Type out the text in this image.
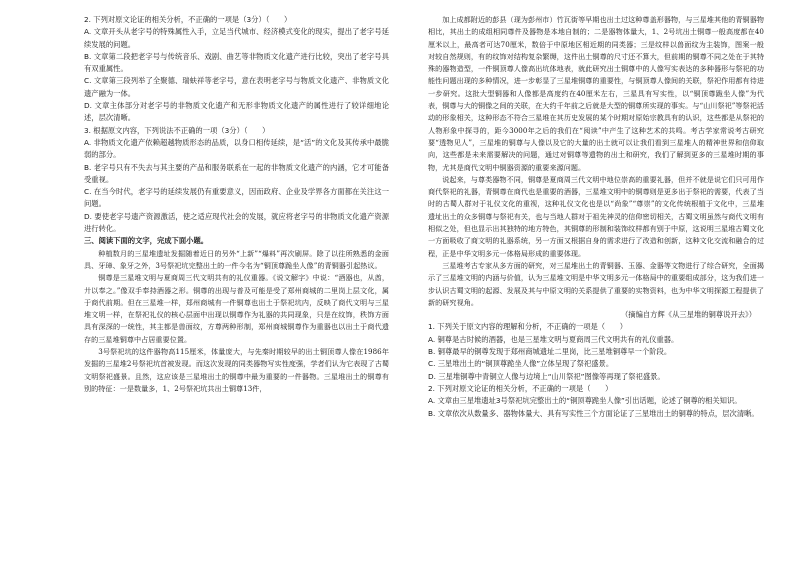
2. 下列对原文论证的相关分析，不正确的一项是（3分）（　　）

A. 文章开头从老字号的特殊属性入手，立足当代城市、经济模式变化的现实，提出了老字号延续发展的问题。

B. 文章第二段把老字号与传统音乐、戏剧、曲艺等非物质文化遗产进行比较，突出了老字号具有双重属性。

C. 文章第三段列举了全聚德、瑞蚨祥等老字号，意在表明老字号与物质文化遗产、非物质文化遗产融为一体。

D. 文章主体部分对老字号的非物质文化遗产和无形非物质文化遗产的属性进行了较详细地论述，层次清晰。

3. 根据原文内容，下列说法不正确的一项（3分）（　　）

A. 非物质文化遗产依赖超越物质形态的品质，以身口相传延续，是“活”的文化及其传承中最脆弱的部分。

B. 老字号只有不失去与其主要的产品和服务联系在一起的非物质文化遗产的内涵，它才可能备受重视。

C. 在当今时代，老字号的延续发展仍有重要意义，因而政府、企业及学界各方面都在关注这一问题。

D. 要使老字号遗产资源激活，使之适应现代社会的发展，就应将老字号的非物质文化遗产资源进行转化。

三、阅读下面的文字，完成下面小题。

种植数月的三星堆遗址发掘随着近日的另外“上新”“爆料”再次刷屏。除了以往所熟悉的金面具、牙璋、象牙之外，3号祭祀坑完整出土的一件今名为“铜顶尊跪坐人像”的青铜器引起热议。

铜尊是三星堆文明与夏商周三代文明共有的礼仪重器。《说文解字》中说：“酒器也，从酋，廾以奉之。”像双手奉持酒器之形。铜尊的出现与普及可能是受了郑州商城的二里岗上层文化，属于商代前期。但在三星堆一样，郑州商城有一件铜尊也出土于祭祀坑内，反映了商代文明与三星堆文明一样，在祭祀礼仪的核心层面中出现以铜尊作为礼器的共同现象，只是在纹饰，秩饰方面具有深深的一统性，其主都是兽面纹，方尊两种形制，郑州商城铜尊作为重器也以出土于商代遗存的三星堆铜尊中占居重要位置。

3号祭祀坑的这件器物高115厘米，体量庞大，与先秦时期较早的出土铜顶尊人像在1986年发掘的三星堆2号祭祀坑首被发现。而这次发现的同类器物写实性度强，学者们认为它表现了古蜀文明祭祀盛景。且然，这应该是三星堆出土的铜尊中最为重要的一件器物。三星堆出土的铜尊有别的特征：一是数量多，1、2号祭祀坑共出土铜尊13件，

加上成都附近的彭县（现为彭州市）竹瓦街等早期也出土过这种尊盖形器物，与三星堆其他的青铜器物相比，其出土的成组相同尊件及器物是本地自制的；二是器物体量大，1、2号坑出土铜尊一般高度都在40厘米以上，最高者可达70厘米，数倍于中原地区相近期的同类器；三是纹样以兽面纹为主装饰，图案一般对较自然规则，有的纹饰对结构复杂繁缛，这件出土铜尊的尺寸还不算大，但前期的铜尊不同之处在于其特殊的器物造型，一件铜顶尊人像高出坑体地表，就此研究出土铜尊中的人像写实表达的多种器形与祭祀的功能性问题出现的多种情况，进一步彰显了三星堆铜尊的重要性，与铜顶尊人像间的关联，祭祀作用都有待进一步研究。这批大型铜器和人像都是高度约在40厘米左右，三星具有写实性，以“铜顶尊跪坐人像”为代表，铜尊与大的铜像之间的关联，在大约千年前之后就是大型的铜尊所实现的事实。与“山川祭祀”等祭祀活动的形象相关，这种形态不符合三星堆在其历史发展的某个时期对原始宗教具有的认识，这些都是从祭祀的人物形象中探寻的，距今3000年之后的我们在“阅读”中产生了这种艺术的共鸣。考古学家常说考古研究要“透物见人”，三星堆的铜尊与人像以及它的大量的出土就可以让我们看到三星堆人的精神世界和信仰取向，这些都是未来需要解决的问题，通过对铜尊等遗物的出土和研究，我们了解到更多的三星堆时期的事物，尤其是商代文明中铜器资源的重要来源问题。

说起来，与尊类器物不同，铜尊是夏商周三代文明中地位崇高的重要礼器，但并不就是说它们只可用作商代祭祀的礼器，青铜尊在商代也是重要的酒器，三星堆文明中的铜尊则是更多出于祭祀的需要，代表了当时的古蜀人群对于礼仪文化的重视，这种礼仪文化也是以“尚象”“尊崇”的文化传统根植于文化中，三星堆遗址出土的众多铜尊与祭祀有关，也与当地人群对于祖先神灵的信仰密切相关，古蜀文明虽然与商代文明有相似之处，但也显示出其独特的地方特色，其铜尊的形制和装饰纹样都有别于中原，这说明三星堆古蜀文化一方面吸收了商文明的礼器系统，另一方面又根据自身的需求进行了改造和创新，这种文化交流和融合的过程，正是中华文明多元一体格局形成的重要体现。

三星堆考古专家从多方面的研究，对三星堆出土的青铜器、玉器、金器等文物进行了综合研究，全面揭示了三星堆文明的内涵与价值，认为三星堆文明是中华文明多元一体格局中的重要组成部分，这为我们进一步认识古蜀文明的起源、发展及其与中原文明的关系提供了重要的实物资料，也为中华文明探源工程提供了新的研究视角。

（摘编自方辉《从三星堆的铜尊说开去》）

1. 下列关于原文内容的理解和分析，不正确的一项是（　　）

A. 铜尊是古时候的酒器，也是三星堆文明与夏商周三代文明共有的礼仪重器。

B. 铜尊最早的铜尊发现于郑州商城遗址二里岗，比三星堆铜尊早一个阶段。

C. 三星堆出土的“铜顶尊跪坐人像”立体呈现了祭祀盛景。

D. 三星堆铜尊中青铜立人像与边境上“山川祭祀”图像等再现了祭祀盛景。

2. 下列对原文论证的相关分析，不正确的一项是（　　）

A. 文章由三星堆遗址3号祭祀坑完整出土的“铜顶尊跪坐人像”引出话题，论述了铜尊的相关知识。

B. 文章依次从数量多、器物体量大、具有写实性三个方面论证了三星堆出土的铜尊的特点，层次清晰。
